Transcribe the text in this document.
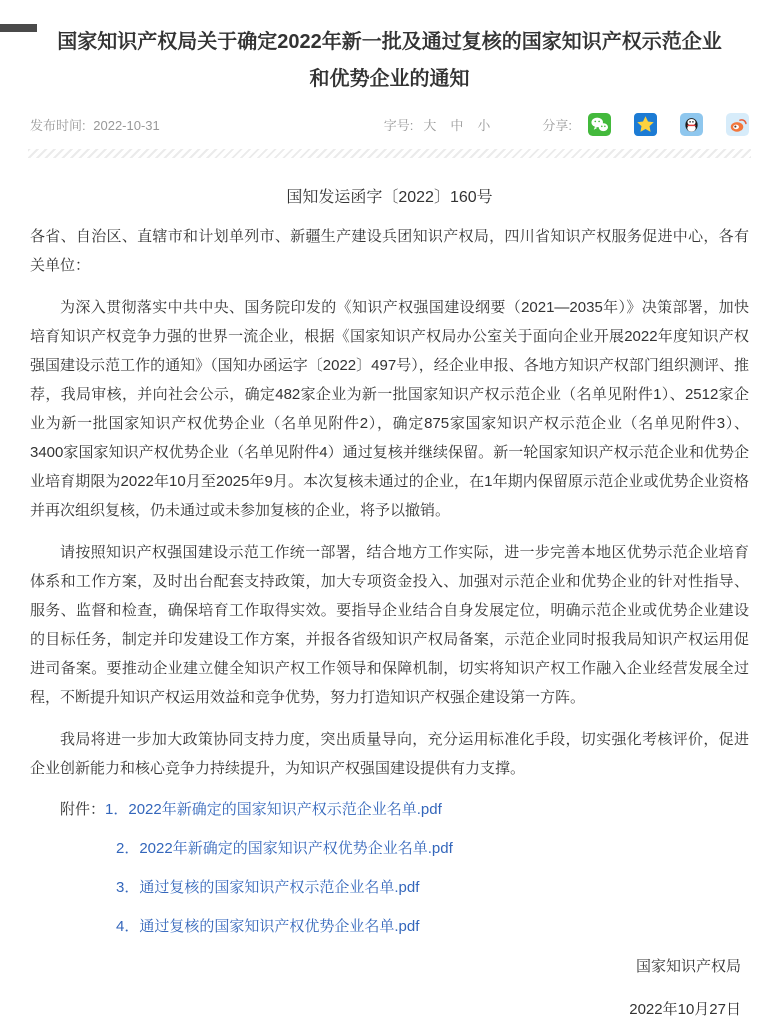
国家知识产权局关于确定2022年新一批及通过复核的国家知识产权示范企业
和优势企业的通知
发布时间: 2022-10-31	字号: 大 中 小	分享:
国知发运函字〔2022〕160号

各省、自治区、直辖市和计划单列市、新疆生产建设兵团知识产权局，四川省知识产权服务促进中心，各有关单位：

为深入贯彻落实中共中央、国务院印发的《知识产权强国建设纲要（2021—2035年）》决策部署，加快培育知识产权竞争力强的世界一流企业，根据《国家知识产权局办公室关于面向企业开展2022年度知识产权强国建设示范工作的通知》（国知办函运字〔2022〕497号），经企业申报、各地方知识产权部门组织测评、推荐，我局审核，并向社会公示，确定482家企业为新一批国家知识产权示范企业（名单见附件1）、2512家企业为新一批国家知识产权优势企业（名单见附件2），确定875家国家知识产权示范企业（名单见附件3）、3400家国家知识产权优势企业（名单见附件4）通过复核并继续保留。新一轮国家知识产权示范企业和优势企业培育期限为2022年10月至2025年9月。本次复核未通过的企业，在1年期内保留原示范企业或优势企业资格并再次组织复核，仍未通过或未参加复核的企业，将予以撤销。

请按照知识产权强国建设示范工作统一部署，结合地方工作实际，进一步完善本地区优势示范企业培育体系和工作方案，及时出台配套支持政策，加大专项资金投入、加强对示范企业和优势企业的针对性指导、服务、监督和检查，确保培育工作取得实效。要指导企业结合自身发展定位，明确示范企业或优势企业建设的目标任务，制定并印发建设工作方案，并报各省级知识产权局备案，示范企业同时报我局知识产权运用促进司备案。要推动企业建立健全知识产权工作领导和保障机制，切实将知识产权工作融入企业经营发展全过程，不断提升知识产权运用效益和竞争优势，努力打造知识产权强企建设第一方阵。

我局将进一步加大政策协同支持力度，突出质量导向，充分运用标准化手段，切实强化考核评价，促进企业创新能力和核心竞争力持续提升，为知识产权强国建设提供有力支撑。

附件：1．2022年新确定的国家知识产权示范企业名单.pdf
2．2022年新确定的国家知识产权优势企业名单.pdf
3．通过复核的国家知识产权示范企业名单.pdf
4．通过复核的国家知识产权优势企业名单.pdf
国家知识产权局
2022年10月27日
